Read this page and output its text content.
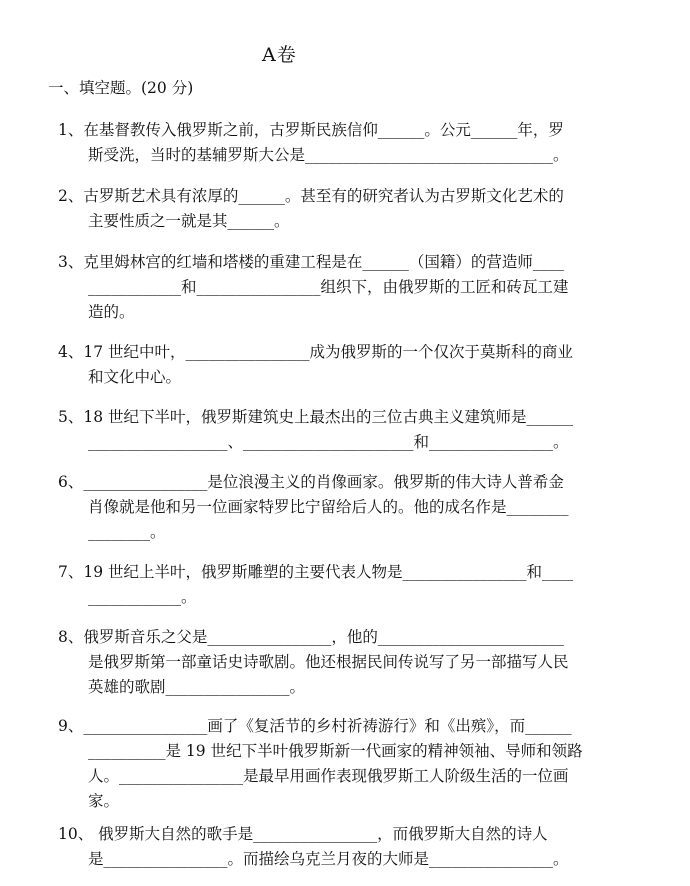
A卷
一、填空题。(20 分)
1、在基督教传入俄罗斯之前，古罗斯民族信仰______。公元______年，罗
斯受洗，当时的基辅罗斯大公是________________________________。
2、古罗斯艺术具有浓厚的______。甚至有的研究者认为古罗斯文化艺术的
主要性质之一就是其______。
3、克里姆林宫的红墙和塔楼的重建工程是在______（国籍）的营造师____
____________和________________组织下，由俄罗斯的工匠和砖瓦工建
造的。
4、17 世纪中叶，________________成为俄罗斯的一个仅次于莫斯科的商业
和文化中心。
5、18 世纪下半叶，俄罗斯建筑史上最杰出的三位古典主义建筑师是______
__________________、______________________和________________。
6、________________是位浪漫主义的肖像画家。俄罗斯的伟大诗人普希金
肖像就是他和另一位画家特罗比宁留给后人的。他的成名作是________
________。
7、19 世纪上半叶，俄罗斯雕塑的主要代表人物是________________和____
____________。
8、俄罗斯音乐之父是________________，他的________________________
是俄罗斯第一部童话史诗歌剧。他还根据民间传说写了另一部描写人民
英雄的歌剧________________。
9、________________画了《复活节的乡村祈祷游行》和《出殡》，而______
__________是 19 世纪下半叶俄罗斯新一代画家的精神领袖、导师和领路
人。________________是最早用画作表现俄罗斯工人阶级生活的一位画
家。
10、 俄罗斯大自然的歌手是________________，而俄罗斯大自然的诗人
是________________。而描绘乌克兰月夜的大师是________________。
